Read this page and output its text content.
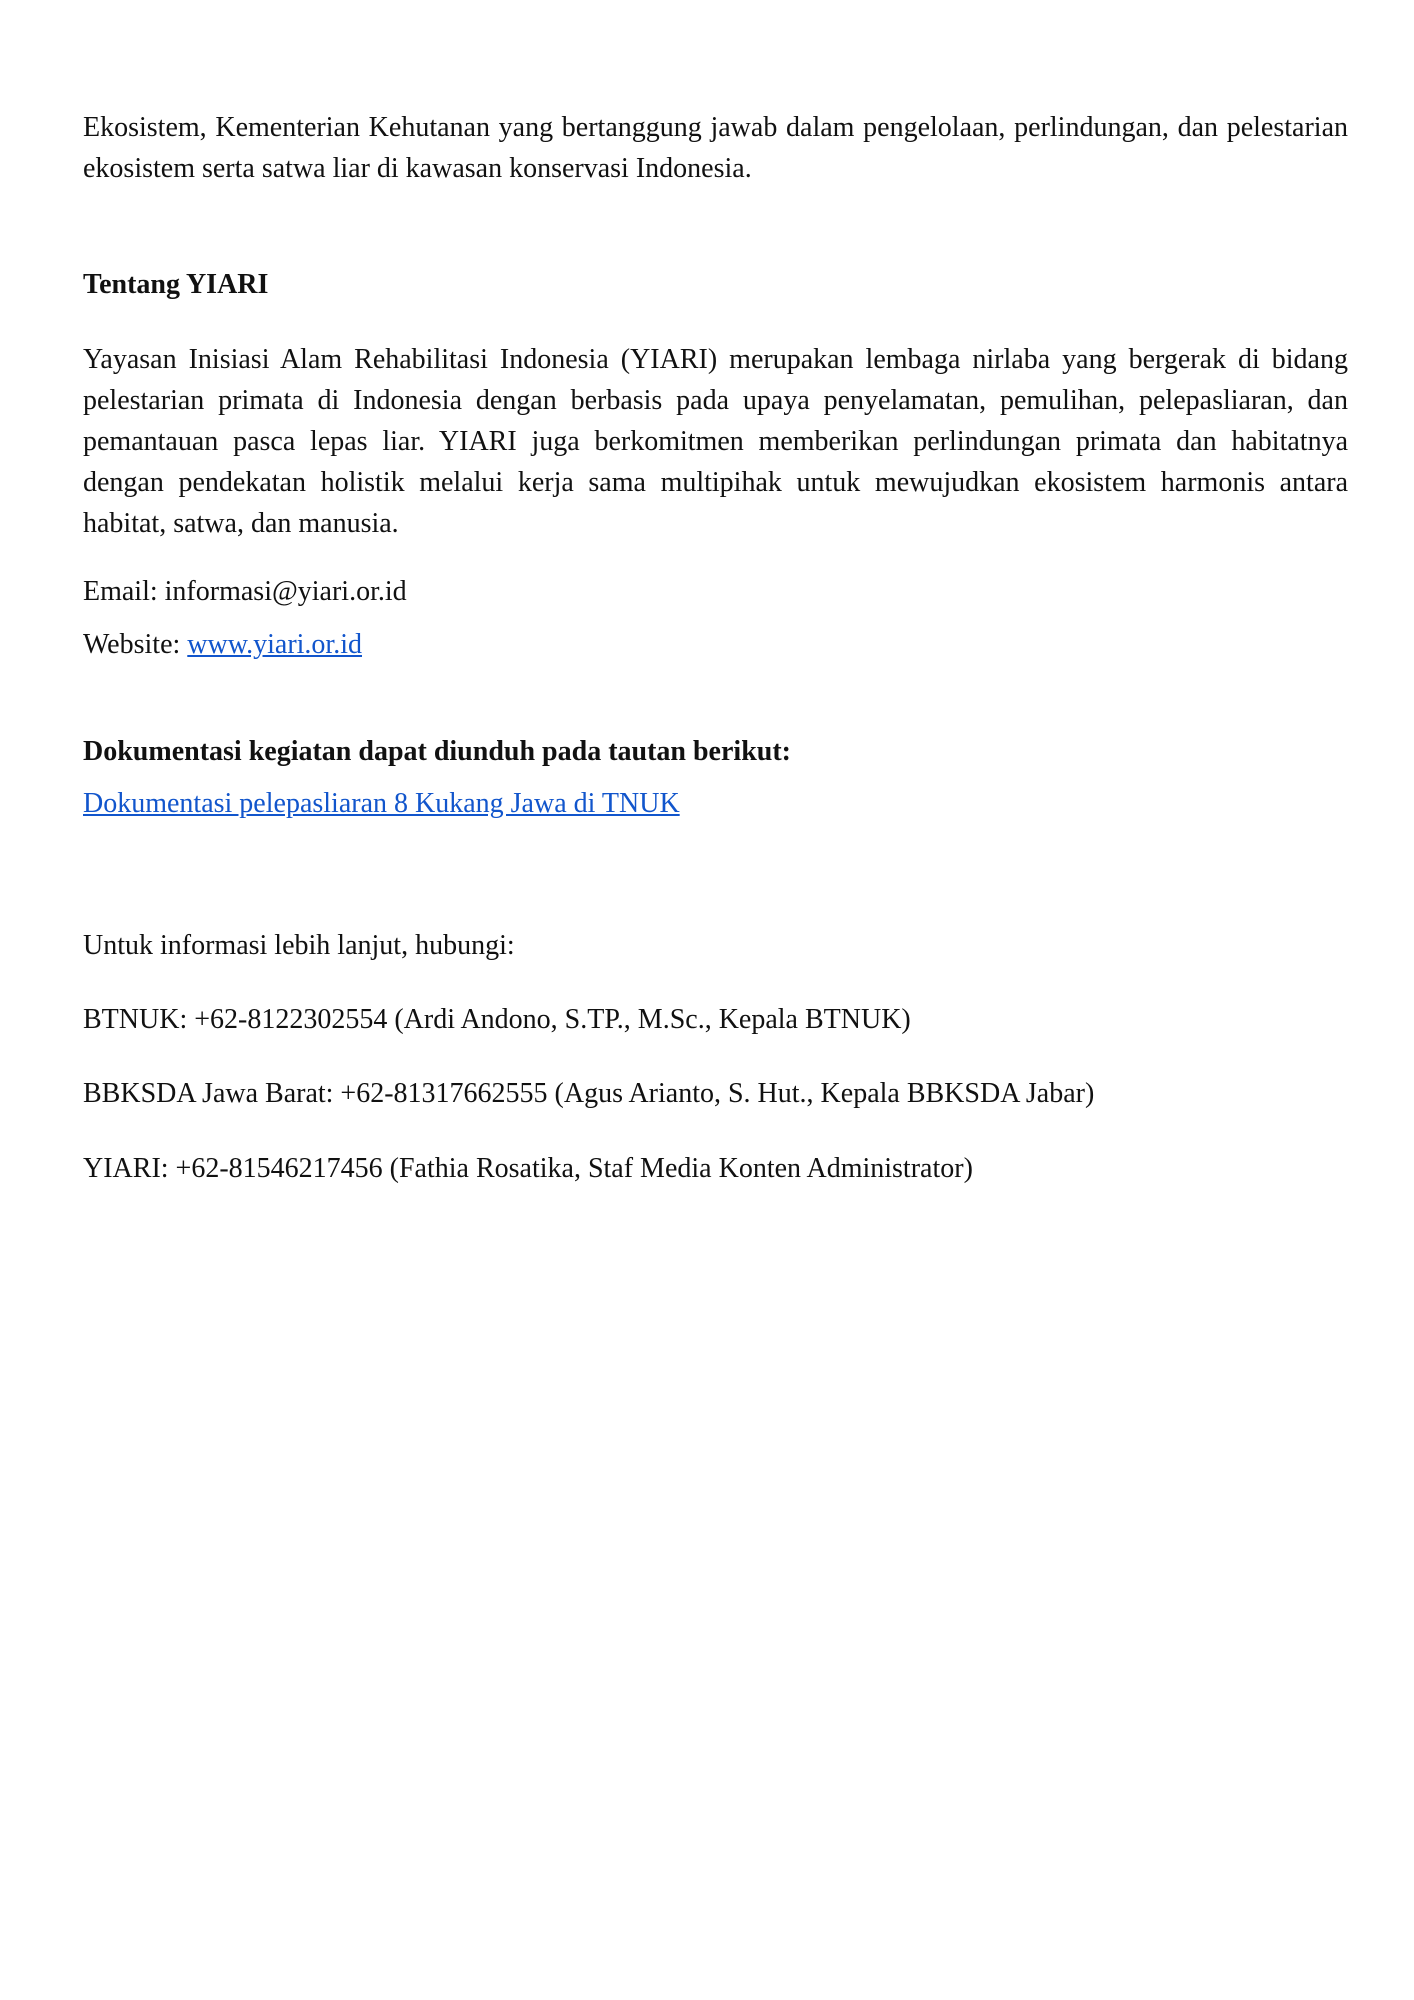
Ekosistem, Kementerian Kehutanan yang bertanggung jawab dalam pengelolaan, perlindungan, dan pelestarian ekosistem serta satwa liar di kawasan konservasi Indonesia.

Tentang YIARI

Yayasan Inisiasi Alam Rehabilitasi Indonesia (YIARI) merupakan lembaga nirlaba yang bergerak di bidang pelestarian primata di Indonesia dengan berbasis pada upaya penyelamatan, pemulihan, pelepasliaran, dan pemantauan pasca lepas liar. YIARI juga berkomitmen memberikan perlindungan primata dan habitatnya dengan pendekatan holistik melalui kerja sama multipihak untuk mewujudkan ekosistem harmonis antara habitat, satwa, dan manusia.

Email: informasi@yiari.or.id
Website: www.yiari.or.id
Dokumentasi kegiatan dapat diunduh pada tautan berikut:
Dokumentasi pelepasliaran 8 Kukang Jawa di TNUK
Untuk informasi lebih lanjut, hubungi:
BTNUK: +62-8122302554 (Ardi Andono, S.TP., M.Sc., Kepala BTNUK)
BBKSDA Jawa Barat: +62-81317662555 (Agus Arianto, S. Hut., Kepala BBKSDA Jabar)
YIARI: +62-81546217456 (Fathia Rosatika, Staf Media Konten Administrator)
